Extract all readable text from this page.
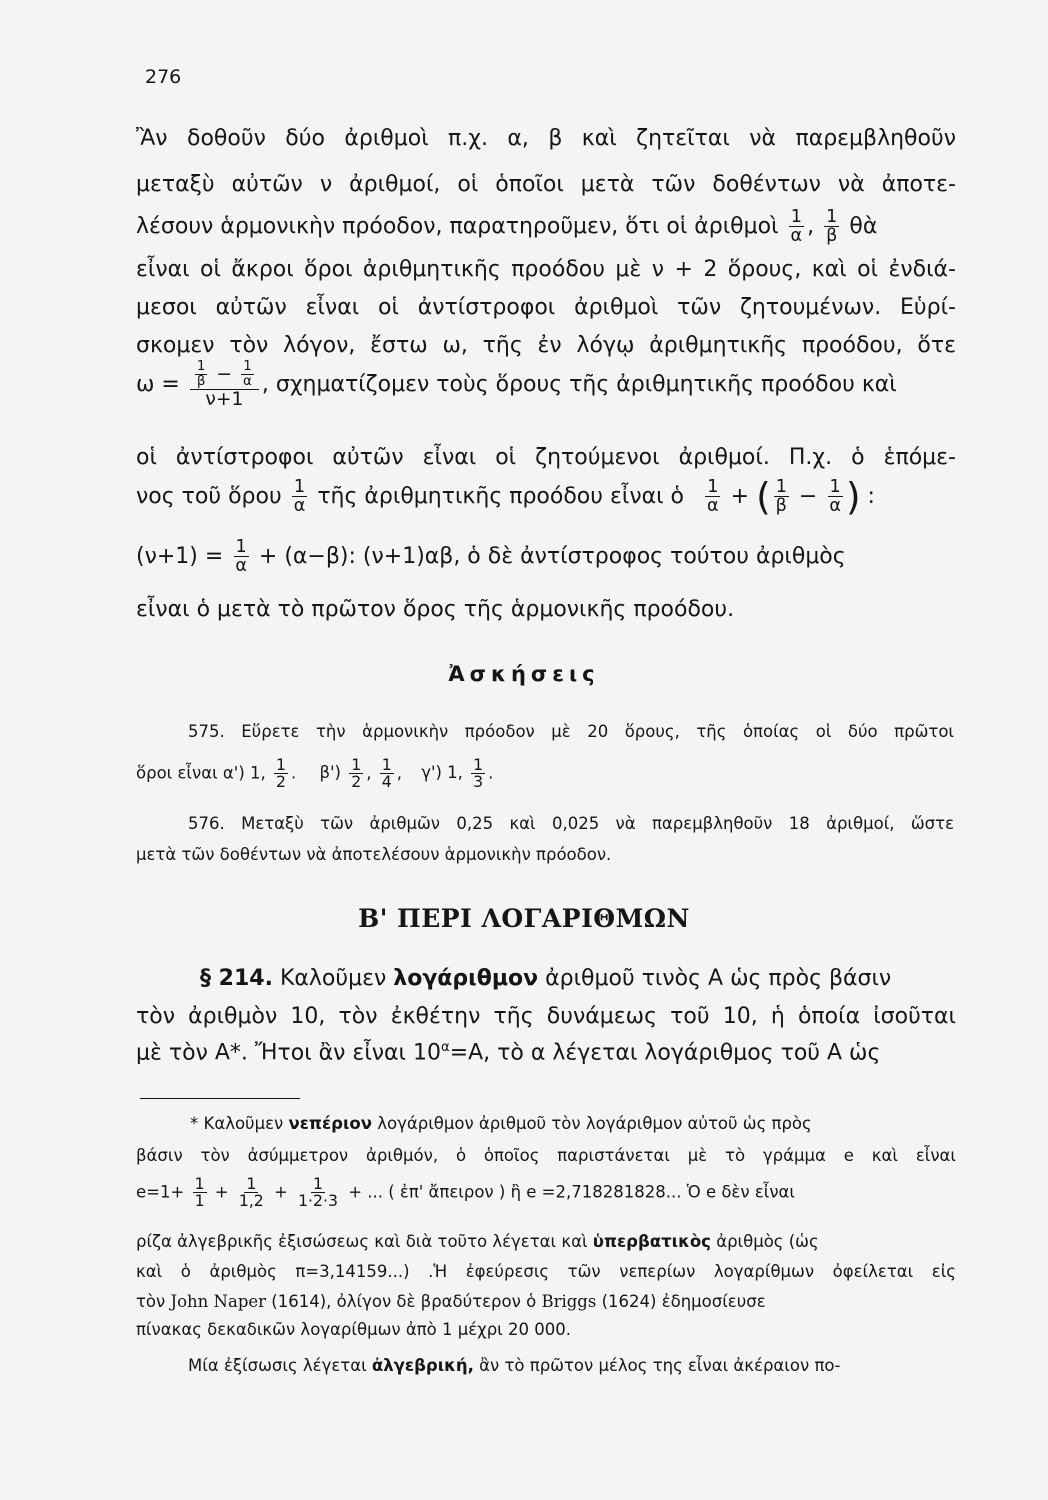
276
Ἂν δοθοῦν δύο ἀριθμοὶ π.χ. α, β καὶ ζητεῖται νὰ παρεμβληθοῦν
μεταξὺ αὐτῶν ν ἀριθμοί, οἱ ὁποῖοι μετὰ τῶν δοθέντων νὰ ἀποτε-
λέσουν ἁρμονικὴν πρόοδον, παρατηροῦμεν, ὅτι οἱ ἀριθμοὶ $\frac{1}{\alpha}$ , $\frac{1}{\beta}$ θὰ
εἶναι οἱ ἄκροι ὅροι ἀριθμητικῆς προόδου μὲ ν + 2 ὅρους, καὶ οἱ ἐνδιά-
μεσοι αὐτῶν εἶναι οἱ ἀντίστροφοι ἀριθμοὶ τῶν ζητουμένων. Εὑρί-
σκομεν τὸν λόγον, ἔστω ω, τῆς ἐν λόγῳ ἀριθμητικῆς προόδου, ὅτε
$\omega = \frac{\frac{1}{\beta} - \frac{1}{\alpha}}{\nu+1}$ , σχηματίζομεν τοὺς ὅρους τῆς ἀριθμητικῆς προόδου καὶ
οἱ ἀντίστροφοι αὐτῶν εἶναι οἱ ζητούμενοι ἀριθμοί. Π.χ. ὁ ἑπόμε-
νος τοῦ ὅρου $\frac{1}{\alpha}$ τῆς ἀριθμητικῆς προόδου εἶναι ὁ $\frac{1}{\alpha}$ + ( $\frac{1}{\beta} - \frac{1}{\alpha}$ ) :
$(\nu+1) = \frac{1}{\alpha} + (\alpha-\beta)$: (ν+1)αβ, ὁ δὲ ἀντίστροφος τούτου ἀριθμὸς
εἶναι ὁ μετὰ τὸ πρῶτον ὅρος τῆς ἁρμονικῆς προόδου.
Ἀσκήσεις
575. Εὕρετε τὴν ἁρμονικὴν πρόοδον μὲ 20 ὅρους, τῆς ὁποίας οἱ δύο πρῶτοι
ὅροι εἶναι α') 1, $\frac{1}{2}$ . $\beta') \frac{1}{2}$ , $\frac{1}{4}$ , γ') 1, $\frac{1}{3}$ .
576. Μεταξὺ τῶν ἀριθμῶν 0,25 καὶ 0,025 νὰ παρεμβληθοῦν 18 ἀριθμοί, ὥστε
μετὰ τῶν δοθέντων νὰ ἀποτελέσουν ἁρμονικὴν πρόοδον.
Β' ΠΕΡΙ ΛΟΓΑΡΙΘΜΩΝ
§ 214. Καλοῦμεν λογάριθμον ἀριθμοῦ τινὸς Α ὡς πρὸς βάσιν
τὸν ἀριθμὸν 10, τὸν ἐκθέτην τῆς δυνάμεως τοῦ 10, ἡ ὁποία ἰσοῦται
μὲ τὸν Α*. Ἤτοι ἂν εἶναι $10^\alpha=A$, τὸ α λέγεται λογάριθμος τοῦ Α ὡς
* Καλοῦμεν νεπέριον λογάριθμον ἀριθμοῦ τὸν λογάριθμον αὐτοῦ ὡς πρὸς
βάσιν τὸν ἀσύμμετρον ἀριθμόν, ὁ ὁποῖος παριστάνεται μὲ τὸ γράμμα e καὶ εἶναι
$e=1+ \frac{1}{1} + \frac{1}{1,2} + \frac{1}{1\cdot 2\cdot 3}$ + ... ( ἐπ' ἄπειρον ) ἢ e =2,718281828... Ὁ e δὲν εἶναι
ρίζα ἀλγεβρικῆς ἐξισώσεως καὶ διὰ τοῦτο λέγεται καὶ ὑπερβατικὸς ἀριθμὸς (ὡς
καὶ ὁ ἀριθμὸς π=3,14159...) .Ἡ ἐφεύρεσις τῶν νεπερίων λογαρίθμων ὀφείλεται εἰς
τὸν John Naper (1614), ὀλίγον δὲ βραδύτερον ὁ Briggs (1624) ἐδημοσίευσε
πίνακας δεκαδικῶν λογαρίθμων ἀπὸ 1 μέχρι 20 000.
Μία ἐξίσωσις λέγεται ἀλγεβρική, ἂν τὸ πρῶτον μέλος της εἶναι ἀκέραιον πο-
